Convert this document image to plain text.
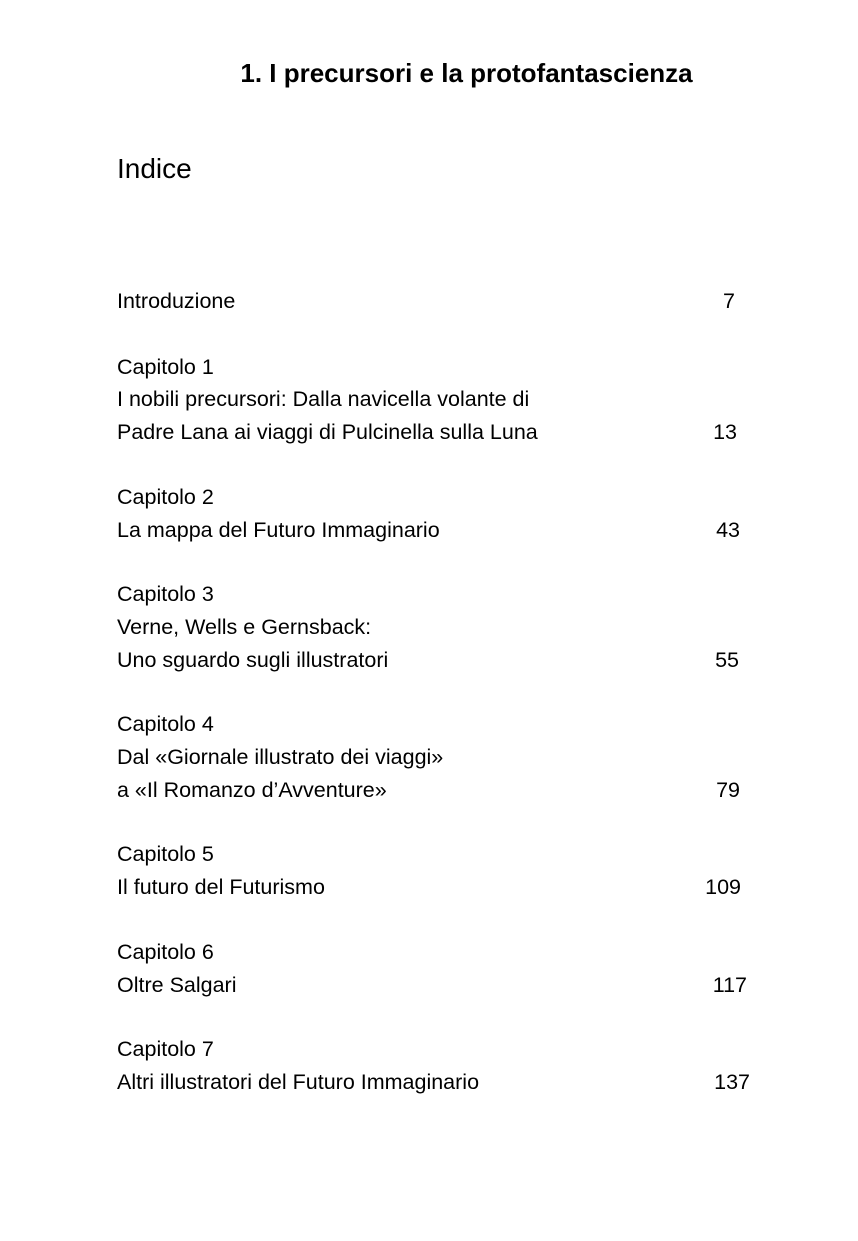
1. I precursori e la protofantascienza
Indice
Introduzione	7
Capitolo 1
I nobili precursori: Dalla navicella volante di
Padre Lana ai viaggi di Pulcinella sulla Luna	13
Capitolo 2
La mappa del Futuro Immaginario	43
Capitolo 3
Verne, Wells e Gernsback:
Uno sguardo sugli illustratori	55
Capitolo 4
Dal «Giornale illustrato dei viaggi»
a «Il Romanzo d’Avventure»	79
Capitolo 5
Il futuro del Futurismo	109
Capitolo 6
Oltre Salgari	117
Capitolo 7
Altri illustratori del Futuro Immaginario	137
